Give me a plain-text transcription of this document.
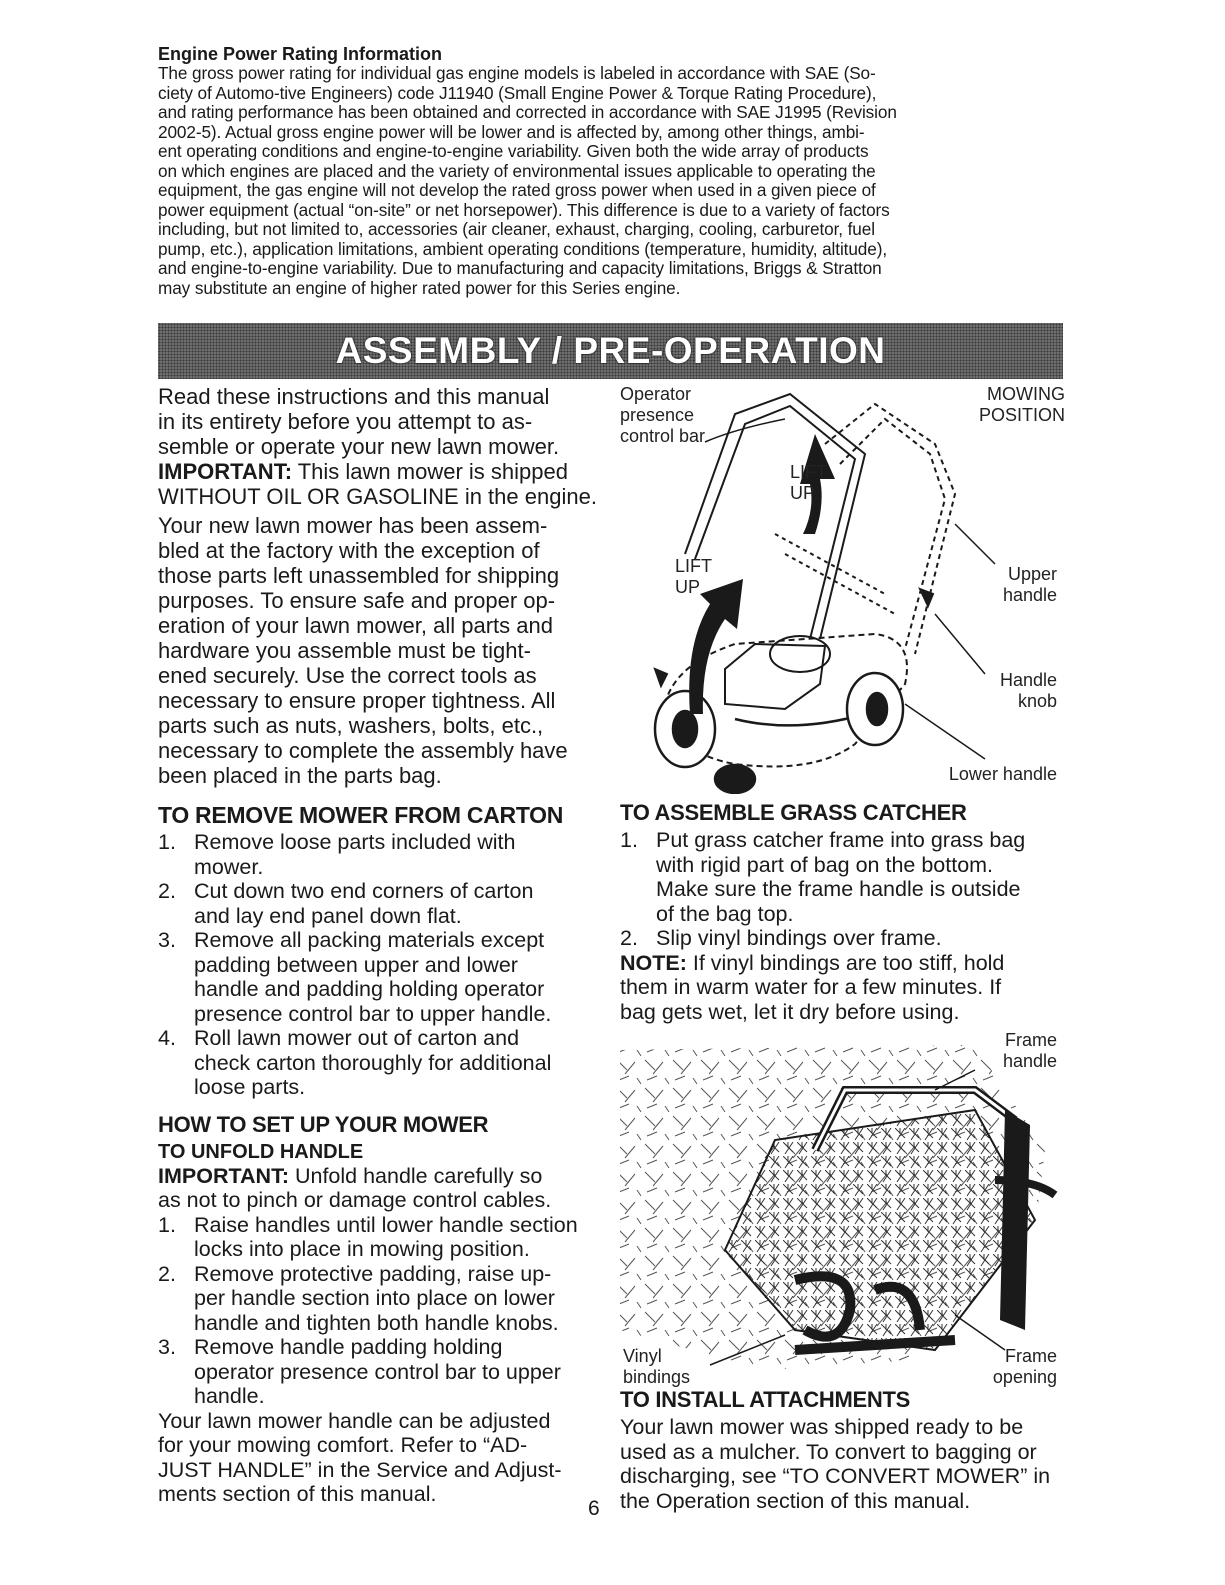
Engine Power Rating Information

The gross power rating for individual gas engine models is labeled in accordance with SAE (So-

ciety of Automo-tive Engineers) code J11940 (Small Engine Power & Torque Rating Procedure),

and rating performance has been obtained and corrected in accordance with SAE J1995 (Revision

2002-5). Actual gross engine power will be lower and is affected by, among other things, ambi-

ent operating conditions and engine-to-engine variability. Given both the wide array of products

on which engines are placed and the variety of environmental issues applicable to operating the

equipment, the gas engine will not develop the rated gross power when used in a given piece of

power equipment (actual “on-site” or net horsepower). This difference is due to a variety of factors

including, but not limited to, accessories (air cleaner, exhaust, charging, cooling, carburetor, fuel

pump, etc.), application limitations, ambient operating conditions (temperature, humidity, altitude),

and engine-to-engine variability. Due to manufacturing and capacity limitations, Briggs & Stratton

may substitute an engine of higher rated power for this Series engine.

ASSEMBLY / PRE-OPERATION

Read these instructions and this manual

in its entirety before you attempt to as-

semble or operate your new lawn mower.

IMPORTANT: This lawn mower is shipped

WITHOUT OIL OR GASOLINE in the engine.

Your new lawn mower has been assem-

bled at the factory with the exception of

those parts left unassembled for shipping

purposes. To ensure safe and proper op-

eration of your lawn mower, all parts and

hardware you assemble must be tight-

ened securely. Use the correct tools as

necessary to ensure proper tightness. All

parts such as nuts, washers, bolts, etc.,

necessary to complete the assembly have

been placed in the parts bag.

TO REMOVE MOWER FROM CARTON
1. Remove loose parts included with
mower.
2. Cut down two end corners of carton
and lay end panel down flat.
3. Remove all packing materials except
padding between upper and lower
handle and padding holding operator
presence control bar to upper handle.
4. Roll lawn mower out of carton and
check carton thoroughly for additional
loose parts.
HOW TO SET UP YOUR MOWER
TO UNFOLD HANDLE

IMPORTANT: Unfold handle carefully so

as not to pinch or damage control cables.

1. Raise handles until lower handle section
locks into place in mowing position.
2. Remove protective padding, raise up-
per handle section into place on lower
handle and tighten both handle knobs.
3. Remove handle padding holding
operator presence control bar to upper
handle.

Your lawn mower handle can be adjusted

for your mowing comfort. Refer to “AD-

JUST HANDLE” in the Service and Adjust-

ments section of this manual.

Operator
presence
control bar
MOWING
POSITION
LIFT
UP
LIFT
UP
Upper
handle
Handle
knob
Lower handle
TO ASSEMBLE GRASS CATCHER
1. Put grass catcher frame into grass bag
with rigid part of bag on the bottom.
Make sure the frame handle is outside
of the bag top.
2. Slip vinyl bindings over frame.

NOTE: If vinyl bindings are too stiff, hold

them in warm water for a few minutes. If

bag gets wet, let it dry before using.

Frame
handle
Vinyl
bindings
Frame
opening
TO INSTALL ATTACHMENTS

Your lawn mower was shipped ready to be

used as a mulcher. To convert to bagging or

discharging, see “TO CONVERT MOWER” in

the Operation section of this manual.

6
